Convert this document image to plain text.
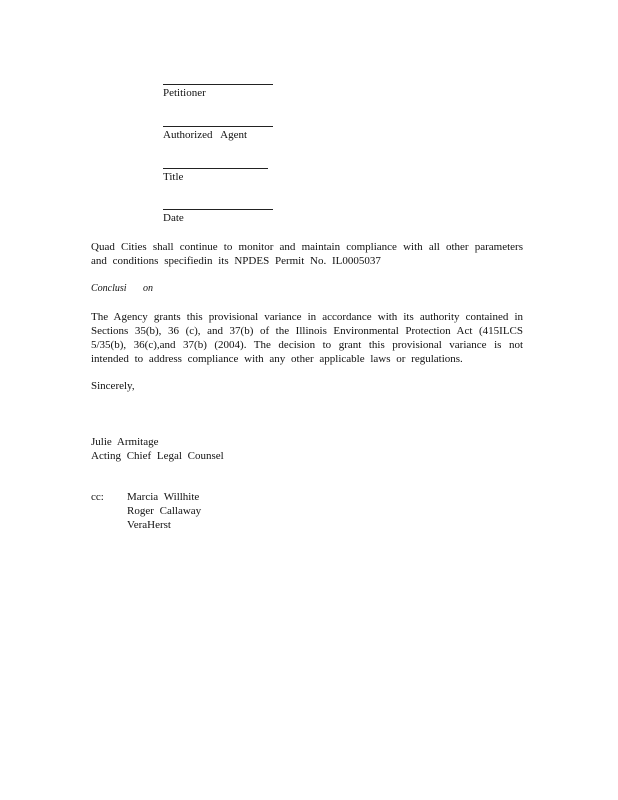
Petitioner
Authorized   Agent
Title
Date
Quad Cities shall continue to monitor and maintain compliance with all other parameters and conditions specifiedin its NPDES Permit No. IL0005037
Conclusi on
The Agency grants this provisional variance in accordance with its authority contained in Sections 35(b), 36 (c), and 37(b) of the Illinois Environmental Protection Act (415ILCS 5/35(b), 36(c),and 37(b) (2004). The decision to grant this provisional variance is not intended to address compliance with any other applicable laws or regulations.
Sincerely,
Julie Armitage
Acting Chief Legal Counsel
cc: Marcia Willhite
Roger Callaway
VeraHerst
